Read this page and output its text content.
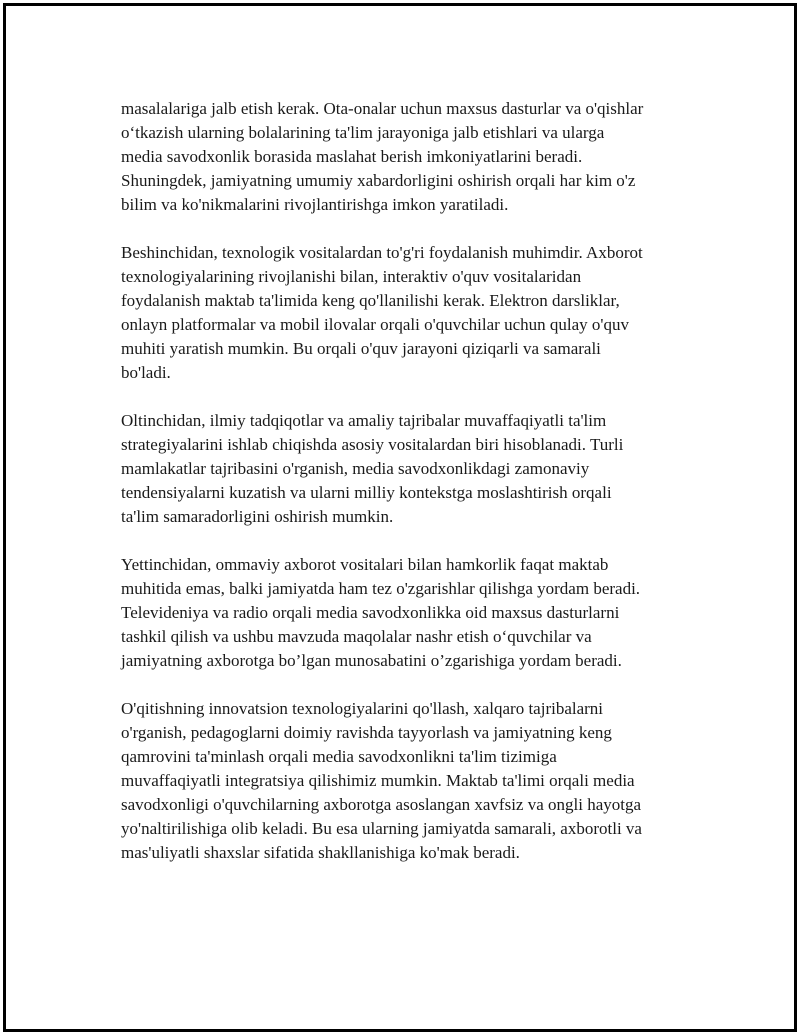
masalalariga jalb etish kerak. Ota-onalar uchun maxsus dasturlar va o'qishlar
o‘tkazish ularning bolalarining ta'lim jarayoniga jalb etishlari va ularga
media savodxonlik borasida maslahat berish imkoniyatlarini beradi.
Shuningdek, jamiyatning umumiy xabardorligini oshirish orqali har kim o'z
bilim va ko'nikmalarini rivojlantirishga imkon yaratiladi.

Beshinchidan, texnologik vositalardan to'g'ri foydalanish muhimdir. Axborot
texnologiyalarining rivojlanishi bilan, interaktiv o'quv vositalaridan
foydalanish maktab ta'limida keng qo'llanilishi kerak. Elektron darsliklar,
onlayn platformalar va mobil ilovalar orqali o'quvchilar uchun qulay o'quv
muhiti yaratish mumkin. Bu orqali o'quv jarayoni qiziqarli va samarali
bo'ladi.

Oltinchidan, ilmiy tadqiqotlar va amaliy tajribalar muvaffaqiyatli ta'lim
strategiyalarini ishlab chiqishda asosiy vositalardan biri hisoblanadi. Turli
mamlakatlar tajribasini o'rganish, media savodxonlikdagi zamonaviy
tendensiyalarni kuzatish va ularni milliy kontekstga moslashtirish orqali
ta'lim samaradorligini oshirish mumkin.

Yettinchidan, ommaviy axborot vositalari bilan hamkorlik faqat maktab
muhitida emas, balki jamiyatda ham tez o'zgarishlar qilishga yordam beradi.
Televideniya va radio orqali media savodxonlikka oid maxsus dasturlarni
tashkil qilish va ushbu mavzuda maqolalar nashr etish o‘quvchilar va
jamiyatning axborotga bo’lgan munosabatini o’zgarishiga yordam beradi.

O'qitishning innovatsion texnologiyalarini qo'llash, xalqaro tajribalarni
o'rganish, pedagoglarni doimiy ravishda tayyorlash va jamiyatning keng
qamrovini ta'minlash orqali media savodxonlikni ta'lim tizimiga
muvaffaqiyatli integratsiya qilishimiz mumkin. Maktab ta'limi orqali media
savodxonligi o'quvchilarning axborotga asoslangan xavfsiz va ongli hayotga
yo'naltirilishiga olib keladi. Bu esa ularning jamiyatda samarali, axborotli va
mas'uliyatli shaxslar sifatida shakllanishiga ko'mak beradi.
